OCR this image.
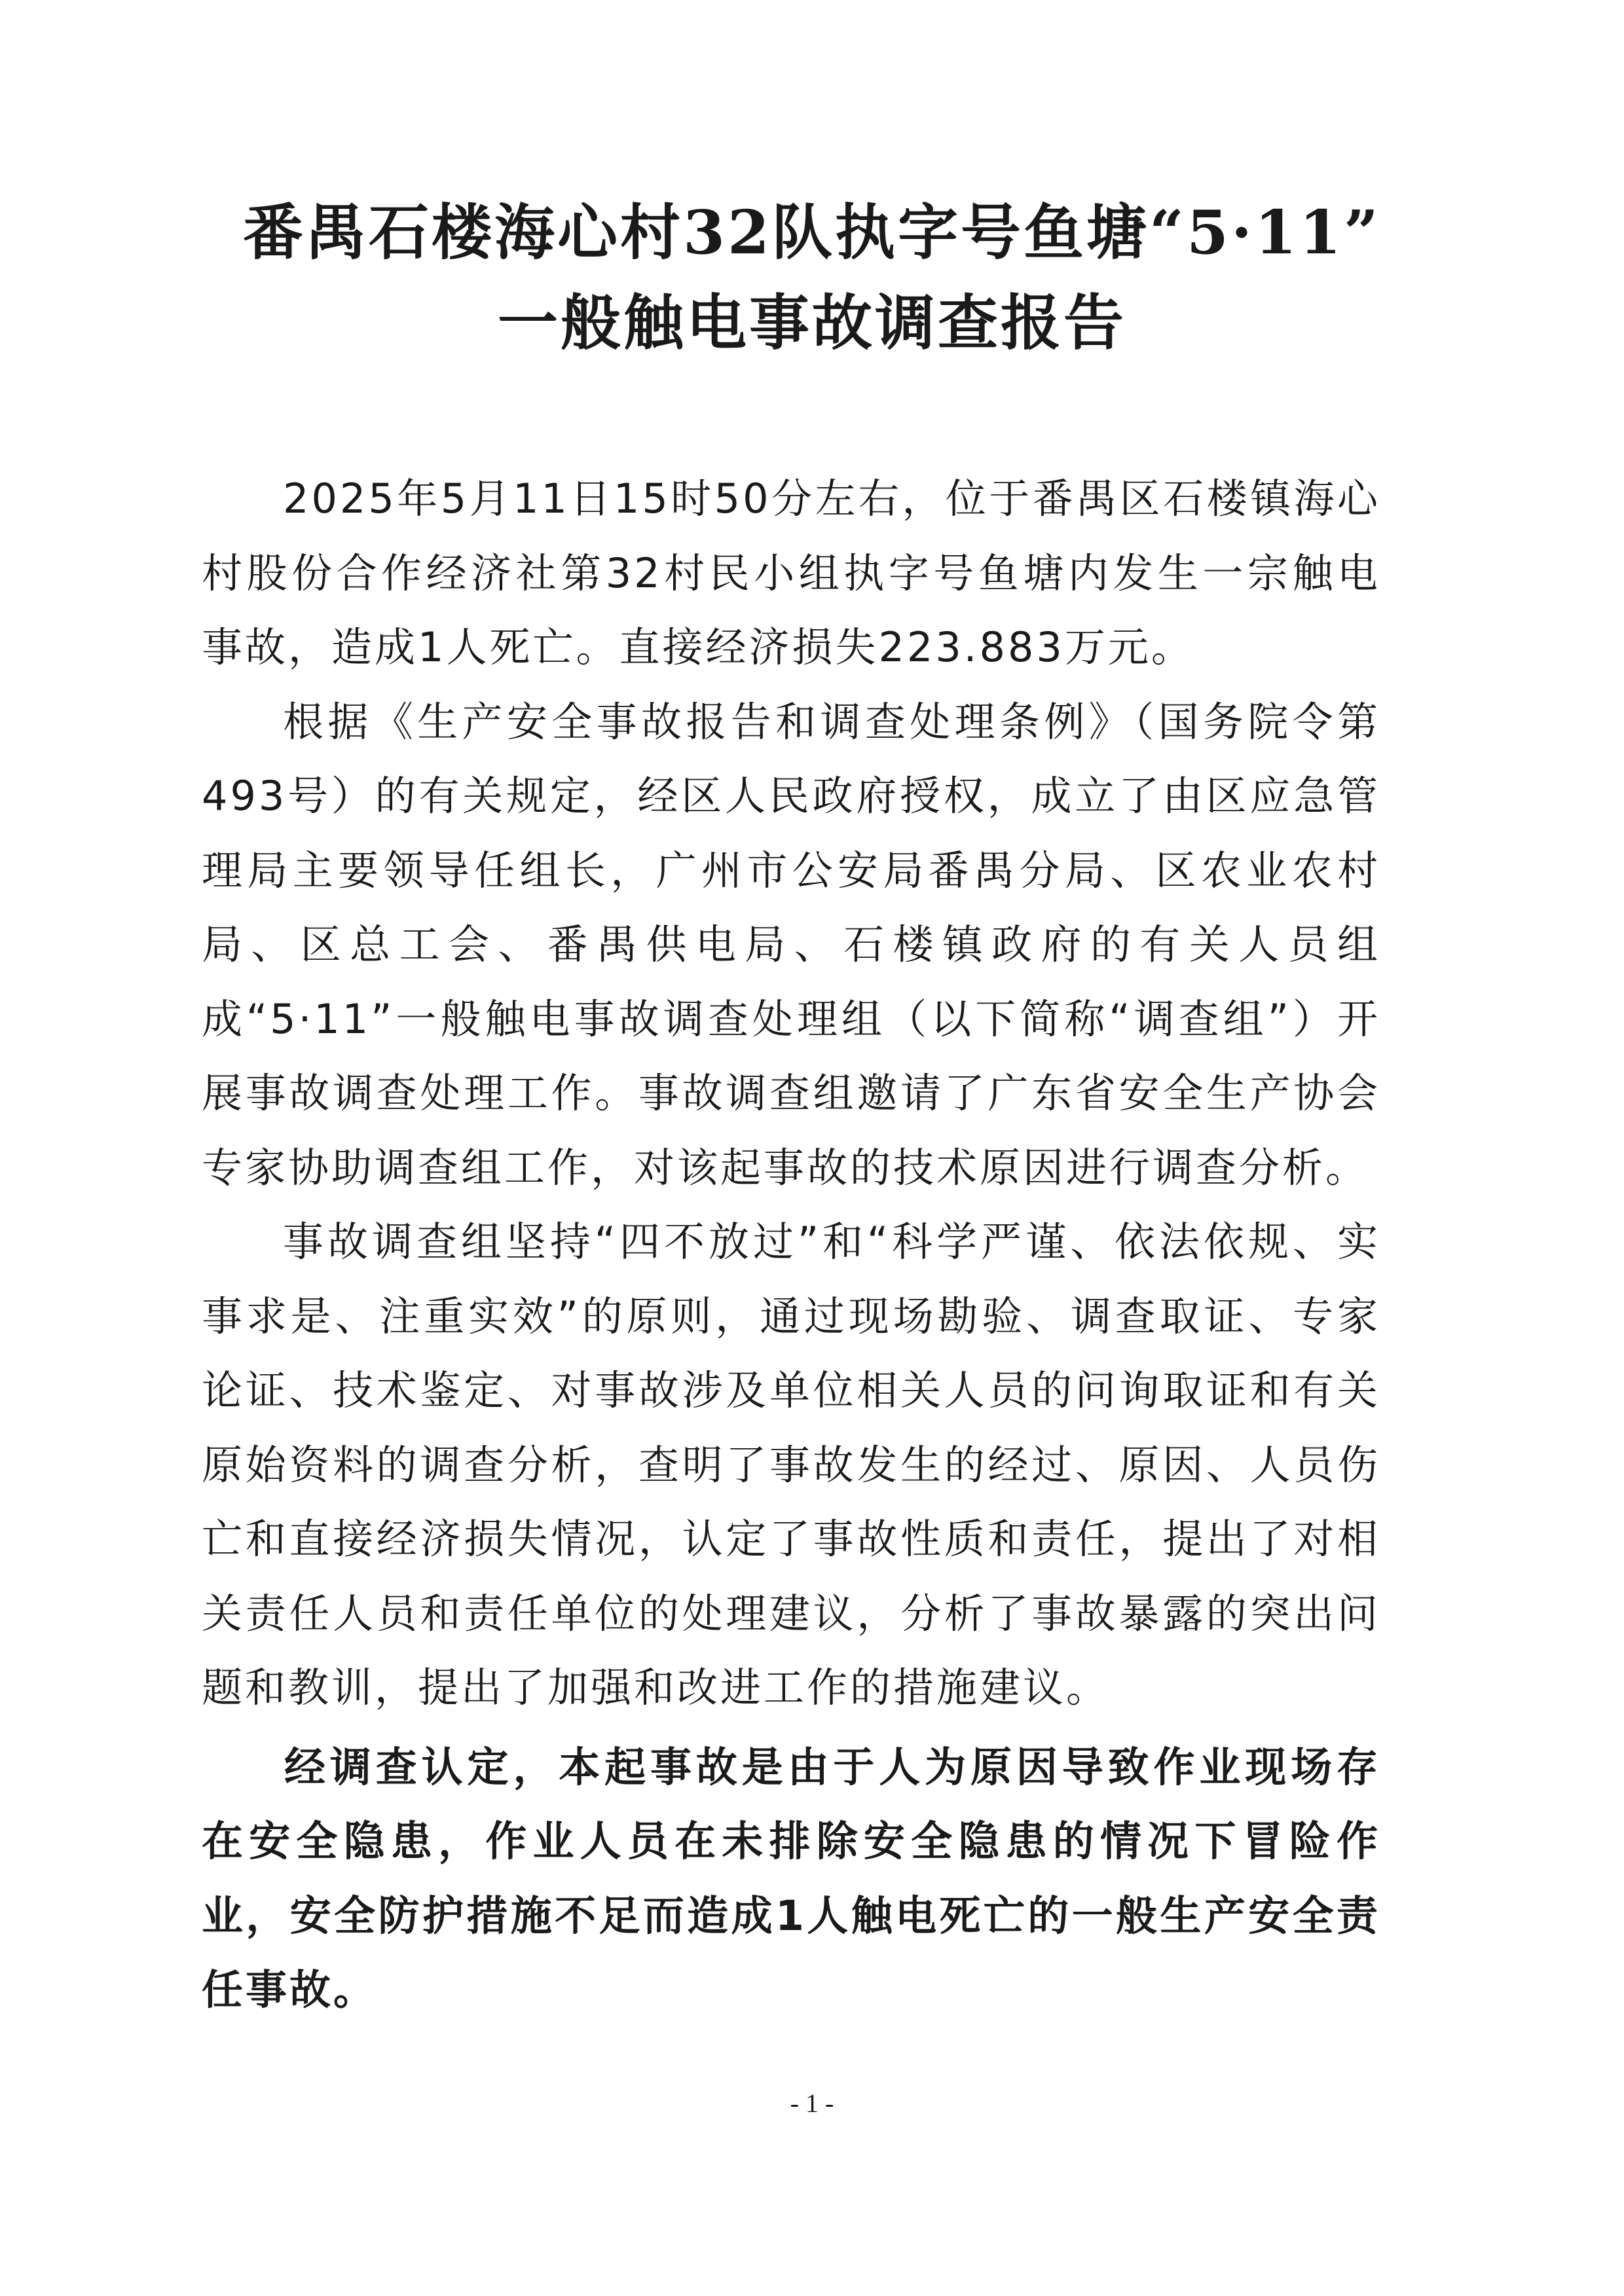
番禺石楼海心村32队执字号鱼塘“5·11”
一般触电事故调查报告

2025年5月11日15时50分左右，位于番禺区石楼镇海心村股份合作经济社第32村民小组执字号鱼塘内发生一宗触电事故，造成1人死亡。直接经济损失223.883万元。

根据《生产安全事故报告和调查处理条例》（国务院令第493号）的有关规定，经区人民政府授权，成立了由区应急管理局主要领导任组长，广州市公安局番禺分局、区农业农村局、区总工会、番禺供电局、石楼镇政府的有关人员组成“5·11”一般触电事故调查处理组（以下简称“调查组”）开展事故调查处理工作。事故调查组邀请了广东省安全生产协会专家协助调查组工作，对该起事故的技术原因进行调查分析。

事故调查组坚持“四不放过”和“科学严谨、依法依规、实事求是、注重实效”的原则，通过现场勘验、调查取证、专家论证、技术鉴定、对事故涉及单位相关人员的问询取证和有关原始资料的调查分析，查明了事故发生的经过、原因、人员伤亡和直接经济损失情况，认定了事故性质和责任，提出了对相关责任人员和责任单位的处理建议，分析了事故暴露的突出问题和教训，提出了加强和改进工作的措施建议。

经调查认定，本起事故是由于人为原因导致作业现场存在安全隐患，作业人员在未排除安全隐患的情况下冒险作业，安全防护措施不足而造成1人触电死亡的一般生产安全责任事故。

- 1 -
